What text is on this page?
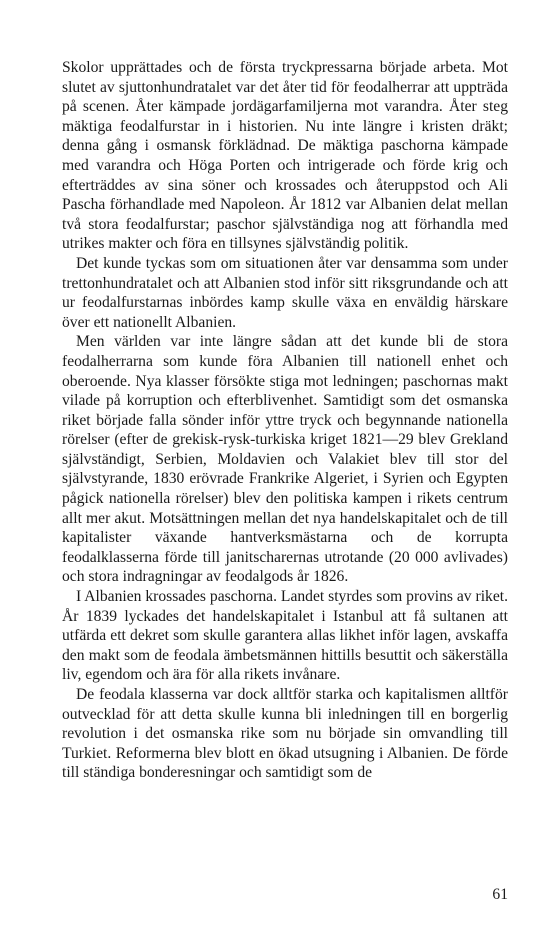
Skolor upprättades och de första tryckpressarna började arbeta. Mot slutet av sjuttonhundratalet var det åter tid för feodalherrar att uppträda på scenen. Åter kämpade jordägarfamiljerna mot varandra. Åter steg mäktiga feodalfurstar in i historien. Nu inte längre i kristen dräkt; denna gång i osmansk förklädnad. De mäktiga paschorna kämpade med varandra och Höga Porten och intrigerade och förde krig och efterträddes av sina söner och krossades och återuppstod och Ali Pascha förhandlade med Napoleon. År 1812 var Albanien delat mellan två stora feodalfurstar; paschor självständiga nog att förhandla med utrikes makter och föra en tillsynes självständig politik.

Det kunde tyckas som om situationen åter var densamma som under trettonhundratalet och att Albanien stod inför sitt riksgrundande och att ur feodalfurstarnas inbördes kamp skulle växa en enväldig härskare över ett nationellt Albanien.

Men världen var inte längre sådan att det kunde bli de stora feodalherrarna som kunde föra Albanien till nationell enhet och oberoende. Nya klasser försökte stiga mot ledningen; paschornas makt vilade på korruption och efterblivenhet. Samtidigt som det osmanska riket började falla sönder inför yttre tryck och begynnande nationella rörelser (efter de grekisk-rysk-turkiska kriget 1821—29 blev Grekland självständigt, Serbien, Moldavien och Valakiet blev till stor del självstyrande, 1830 erövrade Frankrike Algeriet, i Syrien och Egypten pågick nationella rörelser) blev den politiska kampen i rikets centrum allt mer akut. Motsättningen mellan det nya handelskapitalet och de till kapitalister växande hantverksmästarna och de korrupta feodalklasserna förde till janitscharernas utrotande (20 000 avlivades) och stora indragningar av feodalgods år 1826.

I Albanien krossades paschorna. Landet styrdes som provins av riket. År 1839 lyckades det handelskapitalet i Istanbul att få sultanen att utfärda ett dekret som skulle garantera allas likhet inför lagen, avskaffa den makt som de feodala ämbetsmännen hittills besuttit och säkerställa liv, egendom och ära för alla rikets invånare.

De feodala klasserna var dock alltför starka och kapitalismen alltför outvecklad för att detta skulle kunna bli inledningen till en borgerlig revolution i det osmanska rike som nu började sin omvandling till Turkiet. Reformerna blev blott en ökad utsugning i Albanien. De förde till ständiga bonderesningar och samtidigt som de

61
